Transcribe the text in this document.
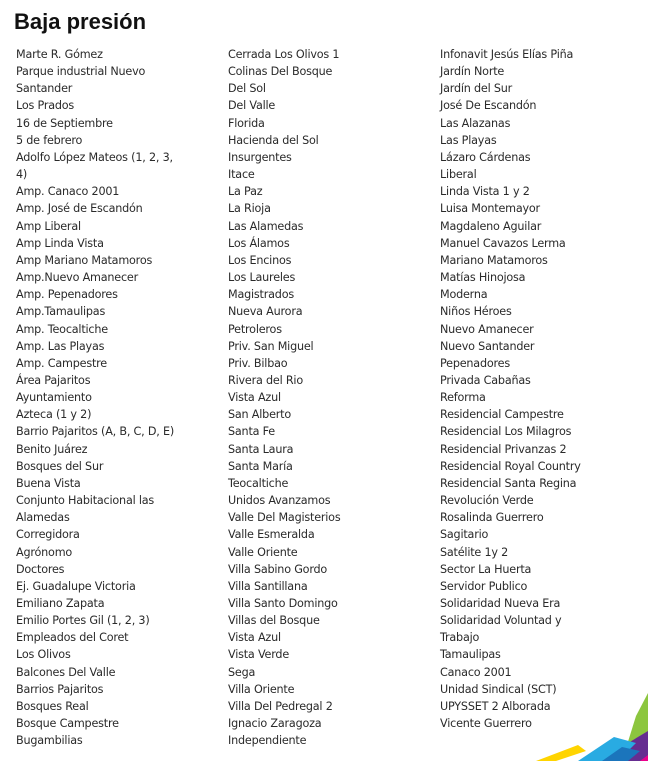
Baja presión
Marte R. Gómez
Parque industrial Nuevo
Santander
Los Prados
16 de Septiembre
5 de febrero
Adolfo López Mateos (1, 2, 3,
4)
Amp. Canaco 2001
Amp. José de Escandón
Amp Liberal
Amp Linda Vista
Amp Mariano Matamoros
Amp.Nuevo Amanecer
Amp. Pepenadores
Amp.Tamaulipas
Amp. Teocaltiche
Amp. Las Playas
Amp. Campestre
Área Pajaritos
Ayuntamiento
Azteca (1 y 2)
Barrio Pajaritos (A, B, C, D, E)
Benito Juárez
Bosques del Sur
Buena Vista
Conjunto Habitacional las
Alamedas
Corregidora
Agrónomo
Doctores
Ej. Guadalupe Victoria
Emiliano Zapata
Emilio Portes Gil (1, 2, 3)
Empleados del Coret
Los Olivos
Balcones Del Valle
Barrios Pajaritos
Bosques Real
Bosque Campestre
Bugambilias
Cerrada Los Olivos 1
Colinas Del Bosque
Del Sol
Del Valle
Florida
Hacienda del Sol
Insurgentes
Itace
La Paz
La Rioja
Las Alamedas
Los Álamos
Los Encinos
Los Laureles
Magistrados
Nueva Aurora
Petroleros
Priv. San Miguel
Priv. Bilbao
Rivera del Rio
Vista Azul
San Alberto
Santa Fe
Santa Laura
Santa María
Teocaltiche
Unidos Avanzamos
Valle Del Magisterios
Valle Esmeralda
Valle Oriente
Villa Sabino Gordo
Villa Santillana
Villa Santo Domingo
Villas del Bosque
Vista Azul
Vista Verde
Sega
Villa Oriente
Villa Del Pedregal 2
Ignacio Zaragoza
Independiente
Infonavit Jesús Elías Piña
Jardín Norte
Jardín del Sur
José De Escandón
Las Alazanas
Las Playas
Lázaro Cárdenas
Liberal
Linda Vista 1 y 2
Luisa Montemayor
Magdaleno Aguilar
Manuel Cavazos Lerma
Mariano Matamoros
Matías Hinojosa
Moderna
Niños Héroes
Nuevo Amanecer
Nuevo Santander
Pepenadores
Privada Cabañas
Reforma
Residencial Campestre
Residencial Los Milagros
Residencial Privanzas 2
Residencial Royal Country
Residencial Santa Regina
Revolución Verde
Rosalinda Guerrero
Sagitario
Satélite 1y 2
Sector La Huerta
Servidor Publico
Solidaridad Nueva Era
Solidaridad Voluntad y
Trabajo
Tamaulipas
Canaco 2001
Unidad Sindical (SCT)
UPYSSET 2 Alborada
Vicente Guerrero
